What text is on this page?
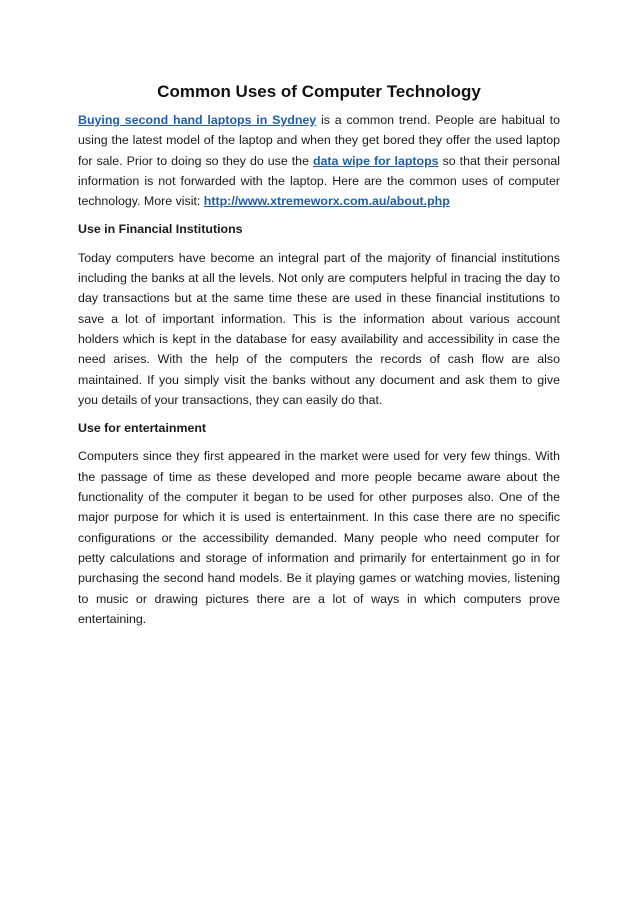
Common Uses of Computer Technology

Buying second hand laptops in Sydney is a common trend. People are habitual to using the latest model of the laptop and when they get bored they offer the used laptop for sale. Prior to doing so they do use the data wipe for laptops so that their personal information is not forwarded with the laptop. Here are the common uses of computer technology. More visit: http://www.xtremeworx.com.au/about.php

Use in Financial Institutions

Today computers have become an integral part of the majority of financial institutions including the banks at all the levels. Not only are computers helpful in tracing the day to day transactions but at the same time these are used in these financial institutions to save a lot of important information. This is the information about various account holders which is kept in the database for easy availability and accessibility in case the need arises. With the help of the computers the records of cash flow are also maintained. If you simply visit the banks without any document and ask them to give you details of your transactions, they can easily do that.

Use for entertainment

Computers since they first appeared in the market were used for very few things. With the passage of time as these developed and more people became aware about the functionality of the computer it began to be used for other purposes also. One of the major purpose for which it is used is entertainment. In this case there are no specific configurations or the accessibility demanded. Many people who need computer for petty calculations and storage of information and primarily for entertainment go in for purchasing the second hand models. Be it playing games or watching movies, listening to music or drawing pictures there are a lot of ways in which computers prove entertaining.
